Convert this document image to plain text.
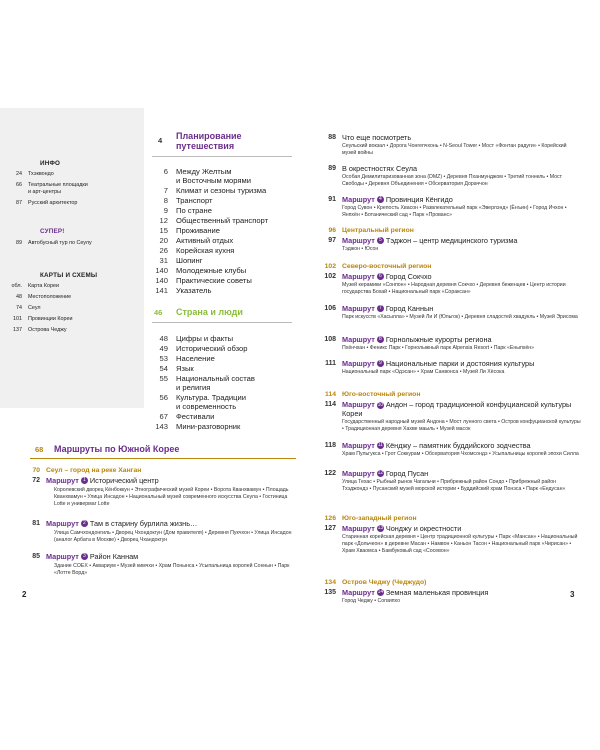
ИНФО
24	Тхэквондо
66	Театральные площадки
и арт-центры
87	Русский архитектор
СУПЕР!
89	Автобусный тур по Сеулу
КАРТЫ И СХЕМЫ
обл.	Карта Кореи
48	Местоположение
74	Сеул
101	Провинции Кореи
137	Острова Чеджу
4 Планирование путешествия
6	Между Желтым
и Восточным морями
7	Климат и сезоны туризма
8	Транспорт
9	По стране
12	Общественный транспорт
15	Проживание
20	Активный отдых
26	Корейская кухня
31	Шопинг
140	Молодежные клубы
140	Практические советы
141	Указатель
46 Страна и люди
48	Цифры и факты
49	Исторический обзор
53	Население
54	Язык
55	Национальный состав
и религия
56	Культура. Традиции
и современность
67	Фестивали
143	Мини-разговорник
68 Маршруты по Южной Корее
70 Сеул – город на реке Ханган
72 Маршрут 1 Исторический центр
Королевский дворец Кёнбоккун • Этнографический музей Кореи • Ворота Кванхвамун • Площадь Кванхвамун • Улица Инсадон • Национальный музей современного искусства Сеула • Гостиница Lotte и универмаг Lotte
81 Маршрут 2 Там в старину бурлила жизнь…
Улица Самчхондонгиль • Дворец Чхондокгун (Дом правителя) • Деревня Пукчхон • Улица Инсадон (аналог Арбата в Москве) • Дворец Чхандокгун
85 Маршрут 3 Район Каннам
Здание COEX • Аквариум • Музей кимчхи • Храм Понынса • Усыпальница королей Соннын • Парк «Лотте Ворд»
2
88 Что еще посмотреть
Сеульский вокзал • Дорога Чонгепчхонь • N-Seoul Tower • Мост «Фонтан радуги» • Корейский музей войны
89 В окрестностях Сеула
Особая Демилитаризованная зона (DMZ) • Деревня Пханмунджом • Третий тоннель • Мост Свободы • Деревня Объединения • Обсерватория Дораччон
91 Маршрут 4 Провинция Кёнгидо
Город Сувон • Крепость Хвасон • Развлекательный парк «Эверлэнд» (Ёнъин) • Город Ичхон • Янпхён • Ботанический сад • Парк «Прованс»
96 Центральный регион
97 Маршрут 5 Тэджон – центр медицинского туризма
Тэджон • Юсон
102 Северо-восточный регион
102 Маршрут 6 Город Сокчхо
Музей керамики «Сонпон» • Народная деревня Сокчхо • Деревня беженцев • Центр истории государства Бохай • Национальный парк «Сораксан»
106 Маршрут 7 Город Каннын
Парк искусств «Хасылла» • Музей Ли И (Юльгок) • Деревня сладостей хвадукль • Музей Эрисома
108 Маршрут 8 Горнолыжные курорты региона
Пхёнчхан • Феникс Парк • Горнолыжный парк Alpensia Resort • Парк «Еныпхён»
111 Маршрут 9 Национальные парки и достояния культуры
Национальный парк «Одэсан» • Храм Санвонса • Музей Ли Хёсока
114 Юго-восточный регион
114 Маршрут 10 Андон – город традиционной конфуцианской культуры Кореи
Государственный народный музей Андона • Мост лунного света • Остров конфуцианской культуры • Традиционная деревня Хахве маыль • Музей масок
118 Маршрут 11 Кёнджу – памятник буддийского зодчества
Храм Пульгукса • Грот Соккурам • Обсерватория Чхомсондэ • Усыпальницы королей эпохи Силла
122 Маршрут 12 Город Пусан
Улица Техас • Рыбный рынок Чагальчи • Прибрежный район Сондо • Прибрежный район Тхэджондэ • Пусанский музей морской истории • Буддийский храм Понэса • Парк «Ендусан»
126 Юго-западный регион
127 Маршрут 13 Чонджу и окрестности
Старинная корейская деревня • Центр традиционной культуры • Парк «Мансан» • Национальный парк «Дольчеон» в деревне Масан • Намвон • Каньон Тасон • Национальный парк «Чирисан» • Храм Хваомса • Бамбуковый сад «Сосевон»
134 Остров Чеджу (Чеджудо)
135 Маршрут 14 Земная маленькая провинция
Город Чеджу • Согвипхо
3
